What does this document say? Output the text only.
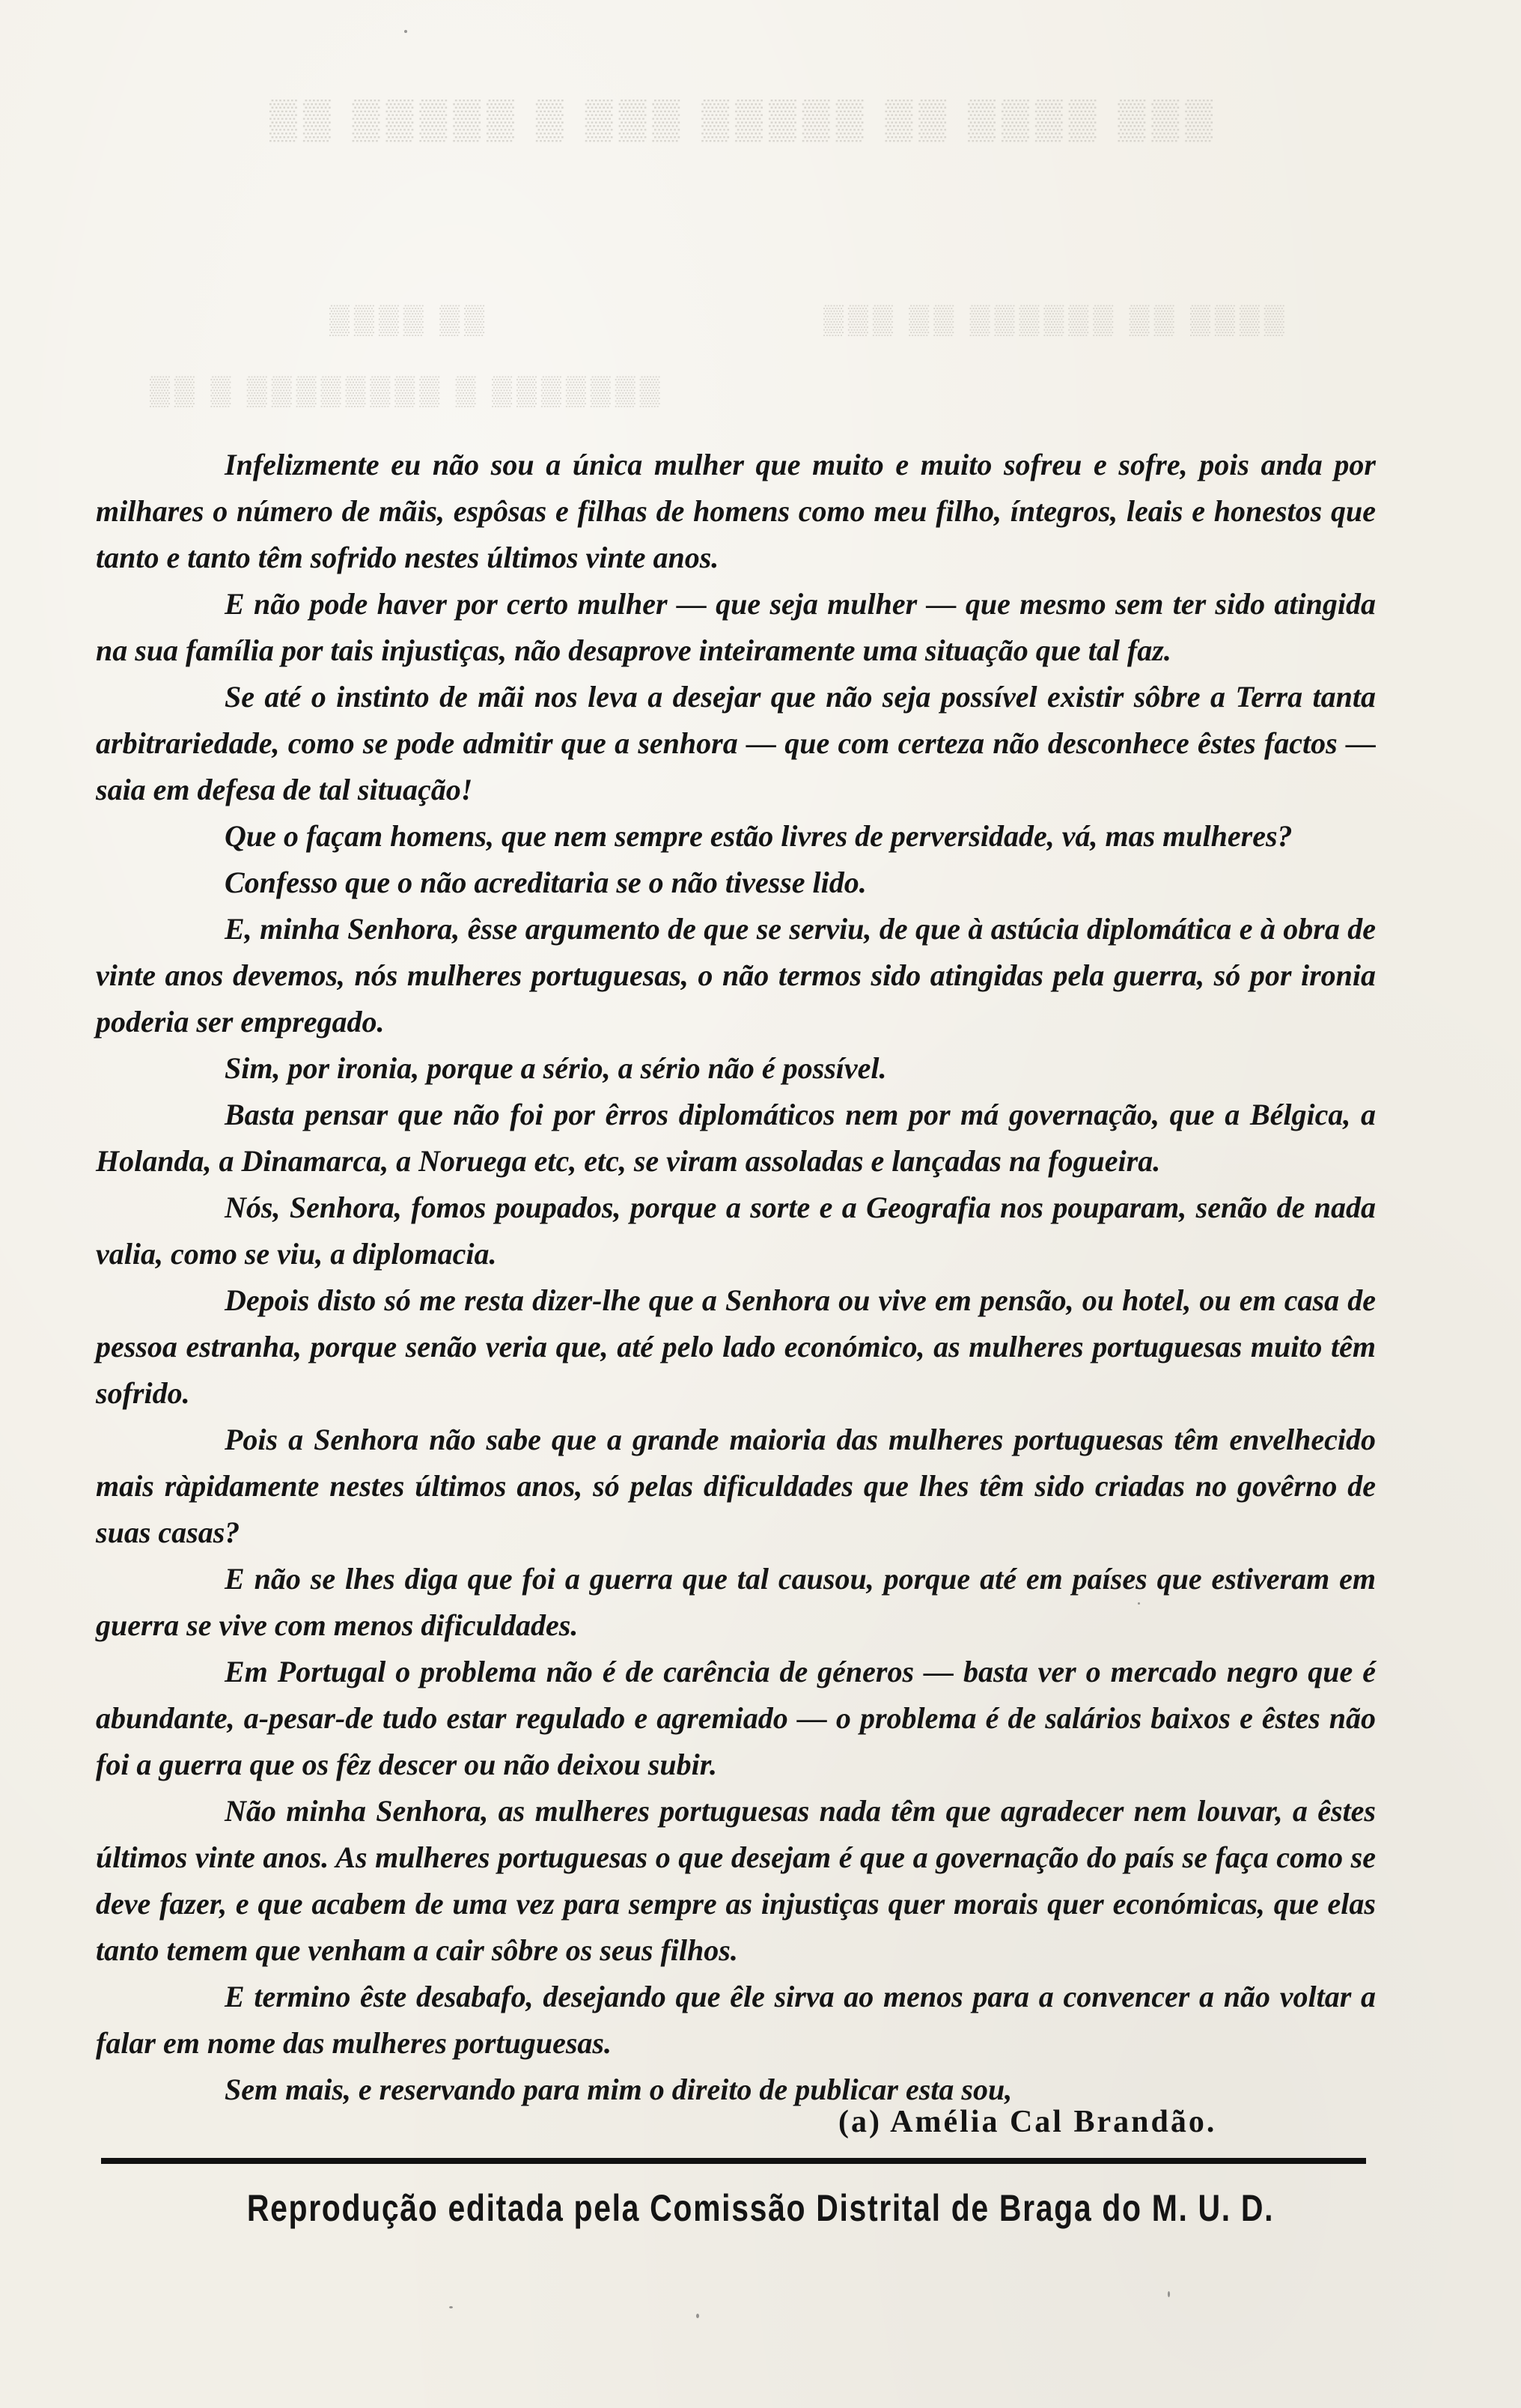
▒▒ ▒▒▒▒▒ ▒ ▒▒▒ ▒▒▒▒▒ ▒▒ ▒▒▒▒ ▒▒▒
▒▒▒▒ ▒▒	▒▒▒ ▒▒ ▒▒▒▒▒▒ ▒▒ ▒▒▒▒
▒▒ ▒ ▒▒▒▒▒▒▒▒ ▒ ▒▒▒▒▒▒▒

Infelizmente eu não sou a única mulher que muito e muito sofreu e sofre, pois anda por milhares o número de mãis, espôsas e filhas de homens como meu filho, íntegros, leais e honestos que tanto e tanto têm sofrido nestes últimos vinte anos.

E não pode haver por certo mulher — que seja mulher — que mesmo sem ter sido atingida na sua família por tais injustiças, não desaprove inteiramente uma situação que tal faz.

Se até o instinto de mãi nos leva a desejar que não seja possível existir sôbre a Terra tanta arbitrariedade, como se pode admitir que a senhora — que com certeza não desconhece êstes factos — saia em defesa de tal situação!

Que o façam homens, que nem sempre estão livres de perversidade, vá, mas mulheres?

Confesso que o não acreditaria se o não tivesse lido.

E, minha Senhora, êsse argumento de que se serviu, de que à astúcia diplomática e à obra de vinte anos devemos, nós mulheres portuguesas, o não termos sido atingidas pela guerra, só por ironia poderia ser empregado.

Sim, por ironia, porque a sério, a sério não é possível.

Basta pensar que não foi por êrros diplomáticos nem por má governação, que a Bélgica, a Holanda, a Dinamarca, a Noruega etc, etc, se viram assoladas e lançadas na fogueira.

Nós, Senhora, fomos poupados, porque a sorte e a Geografia nos pouparam, senão de nada valia, como se viu, a diplomacia.

Depois disto só me resta dizer-lhe que a Senhora ou vive em pensão, ou hotel, ou em casa de pessoa estranha, porque senão veria que, até pelo lado económico, as mulheres portuguesas muito têm sofrido.

Pois a Senhora não sabe que a grande maioria das mulheres portuguesas têm envelhecido mais ràpidamente nestes últimos anos, só pelas dificuldades que lhes têm sido criadas no govêrno de suas casas?

E não se lhes diga que foi a guerra que tal causou, porque até em países que estiveram em guerra se vive com menos dificuldades.

Em Portugal o problema não é de carência de géneros — basta ver o mercado negro que é abundante, a-pesar-de tudo estar regulado e agremiado — o problema é de salários baixos e êstes não foi a guerra que os fêz descer ou não deixou subir.

Não minha Senhora, as mulheres portuguesas nada têm que agradecer nem louvar, a êstes últimos vinte anos. As mulheres portuguesas o que desejam é que a governação do país se faça como se deve fazer, e que acabem de uma vez para sempre as injustiças quer morais quer económicas, que elas tanto temem que venham a cair sôbre os seus filhos.

E termino êste desabafo, desejando que êle sirva ao menos para a convencer a não voltar a falar em nome das mulheres portuguesas.

Sem mais, e reservando para mim o direito de publicar esta sou,

(a) Amélia Cal Brandão.
Reprodução editada pela Comissão Distrital de Braga do M. U. D.
